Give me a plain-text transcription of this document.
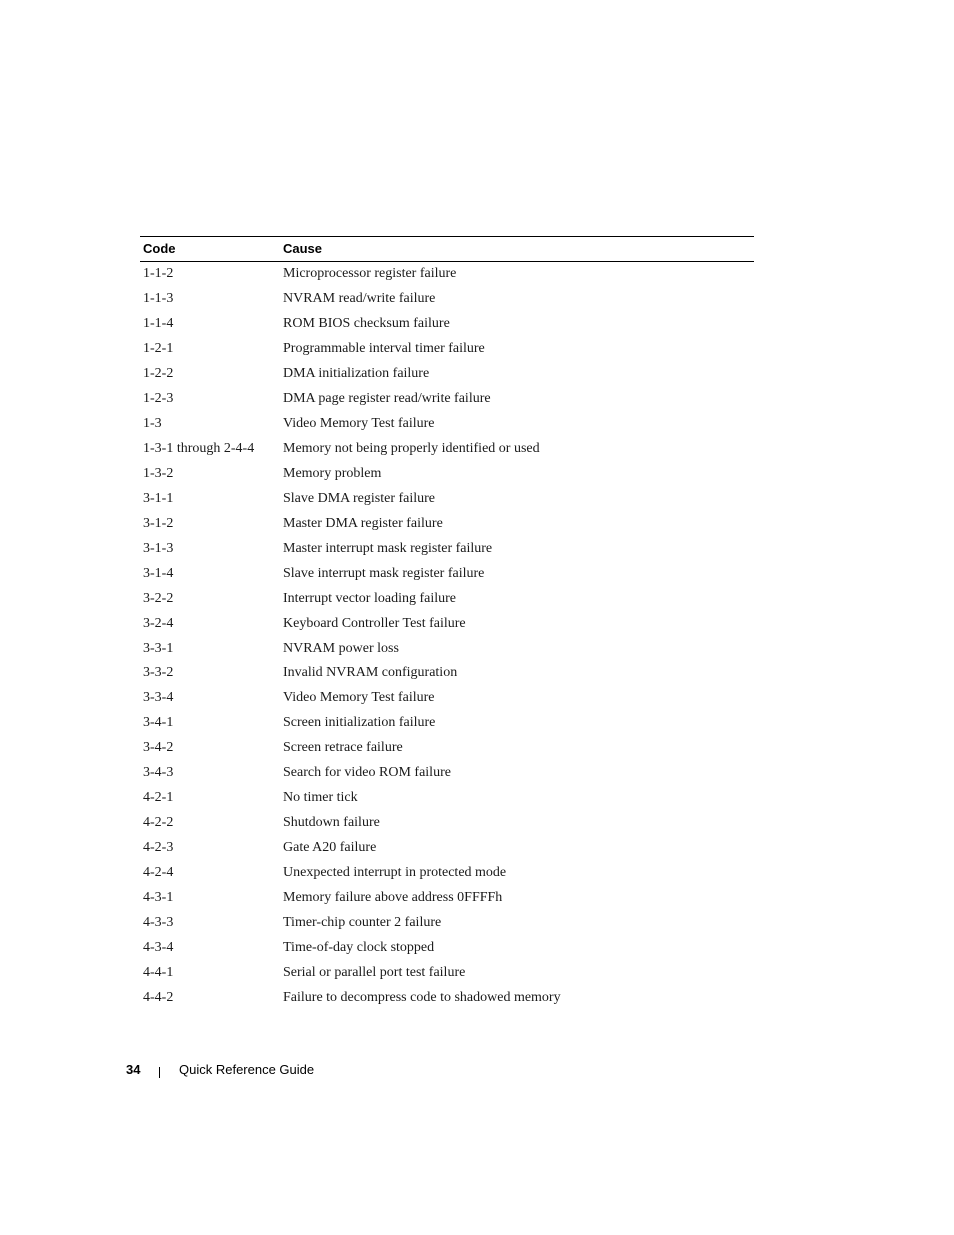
Code	Cause
1-1-2	Microprocessor register failure
1-1-3	NVRAM read/write failure
1-1-4	ROM BIOS checksum failure
1-2-1	Programmable interval timer failure
1-2-2	DMA initialization failure
1-2-3	DMA page register read/write failure
1-3	Video Memory Test failure
1-3-1 through 2-4-4	Memory not being properly identified or used
1-3-2	Memory problem
3-1-1	Slave DMA register failure
3-1-2	Master DMA register failure
3-1-3	Master interrupt mask register failure
3-1-4	Slave interrupt mask register failure
3-2-2	Interrupt vector loading failure
3-2-4	Keyboard Controller Test failure
3-3-1	NVRAM power loss
3-3-2	Invalid NVRAM configuration
3-3-4	Video Memory Test failure
3-4-1	Screen initialization failure
3-4-2	Screen retrace failure
3-4-3	Search for video ROM failure
4-2-1	No timer tick
4-2-2	Shutdown failure
4-2-3	Gate A20 failure
4-2-4	Unexpected interrupt in protected mode
4-3-1	Memory failure above address 0FFFFh
4-3-3	Timer-chip counter 2 failure
4-3-4	Time-of-day clock stopped
4-4-1	Serial or parallel port test failure
4-4-2	Failure to decompress code to shadowed memory
34	Quick Reference Guide
